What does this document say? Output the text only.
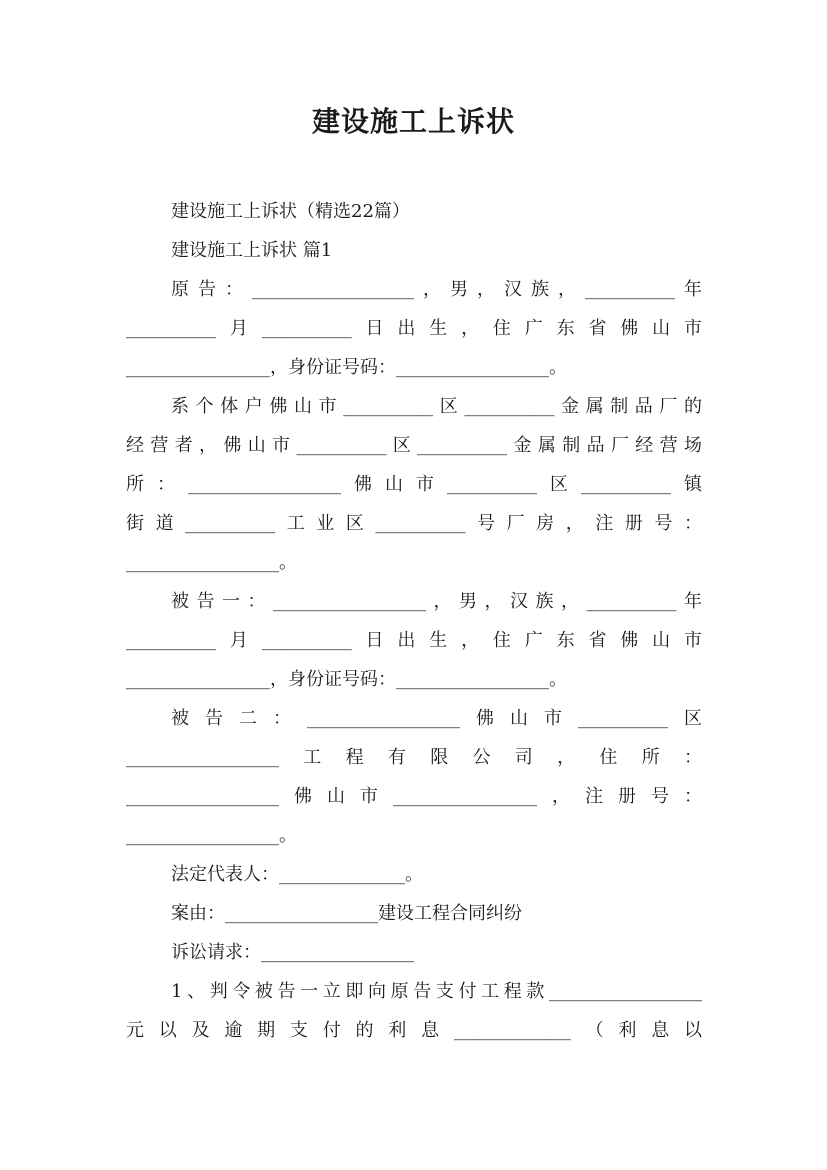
建设施工上诉状
建设施工上诉状（精选22篇）
建设施工上诉状 篇1
原告：__________________，男，汉族，__________年
__________月__________日出生，住广东省佛山市
________________，身份证号码：_________________。
系个体户佛山市__________区__________金属制品厂的
经营者，佛山市__________区__________金属制品厂经营场
所：_________________佛山市__________区__________镇
街道__________工业区__________号厂房，注册号：
_________________。
被告一：_________________，男，汉族，__________年
__________月__________日出生，住广东省佛山市
________________，身份证号码：_________________。
被告二：_________________佛山市__________区
_________________工程有限公司，住所：
_________________佛山市________________，注册号：
_________________。
法定代表人：______________。
案由：_________________建设工程合同纠纷
诉讼请求：_________________
1、判令被告一立即向原告支付工程款_________________
元以及逾期支付的利息_____________（利息以
